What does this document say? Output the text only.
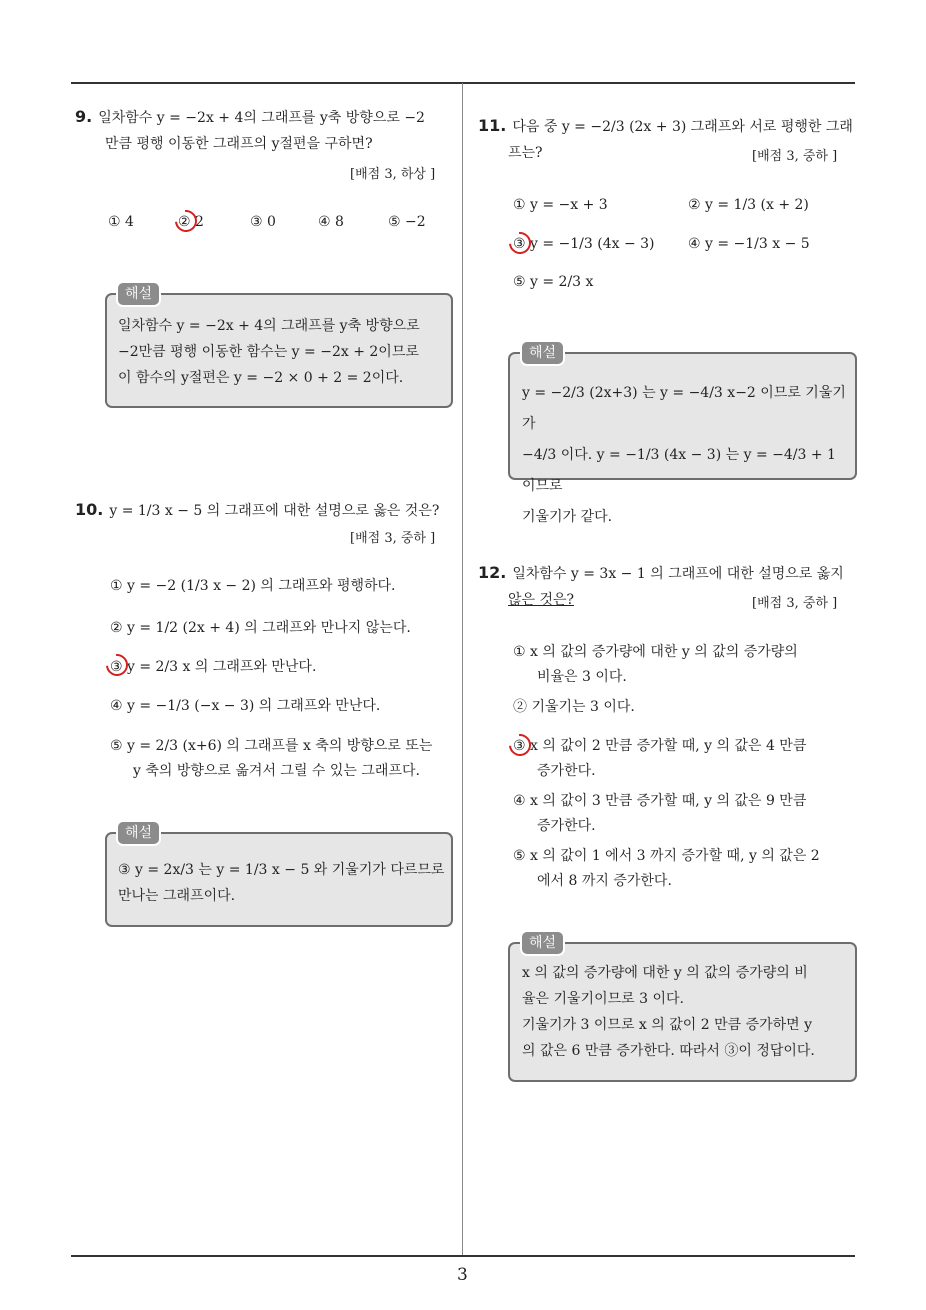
3
9. 일차함수 y = −2x + 4의 그래프를 y축 방향으로 −2
만큼 평행 이동한 그래프의 y절편을 구하면?
[배점 3, 하상 ]
① 4	② 2	③ 0	④ 8	⑤ −2
해설
일차함수 y = −2x + 4의 그래프를 y축 방향으로
−2만큼 평행 이동한 함수는 y = −2x + 2이므로
이 함수의 y절편은 y = −2 × 0 + 2 = 2이다.
10. y = 1/3 x − 5 의 그래프에 대한 설명으로 옳은 것은?
[배점 3, 중하 ]
① y = −2 (1/3 x − 2) 의 그래프와 평행하다.
② y = 1/2 (2x + 4) 의 그래프와 만나지 않는다.
③ y = 2/3 x 의 그래프와 만난다.
④ y = −1/3 (−x − 3) 의 그래프와 만난다.
⑤ y = 2/3 (x+6) 의 그래프를 x 축의 방향으로 또는
y 축의 방향으로 옮겨서 그릴 수 있는 그래프다.
해설
③ y = 2x/3 는 y = 1/3 x − 5 와 기울기가 다르므로
만나는 그래프이다.
11. 다음 중 y = −2/3 (2x + 3) 그래프와 서로 평행한 그래
프는?	[배점 3, 중하 ]
① y = −x + 3	② y = 1/3 (x + 2)
③ y = −1/3 (4x − 3) ④ y = −1/3 x − 5
⑤ y = 2/3 x
해설
y = −2/3 (2x+3) 는 y = −4/3 x−2 이므로 기울기가
−4/3 이다. y = −1/3 (4x − 3) 는 y = −4/3 + 1 이므로
기울기가 같다.
12. 일차함수 y = 3x − 1 의 그래프에 대한 설명으로 옳지
않은 것은?	[배점 3, 중하 ]
① x 의 값의 증가량에 대한 y 의 값의 증가량의
비율은 3 이다.
② 기울기는 3 이다.
③ x 의 값이 2 만큼 증가할 때, y 의 값은 4 만큼
증가한다.
④ x 의 값이 3 만큼 증가할 때, y 의 값은 9 만큼
증가한다.
⑤ x 의 값이 1 에서 3 까지 증가할 때, y 의 값은 2
에서 8 까지 증가한다.
해설
x 의 값의 증가량에 대한 y 의 값의 증가량의 비
율은 기울기이므로 3 이다.
기울기가 3 이므로 x 의 값이 2 만큼 증가하면 y
의 값은 6 만큼 증가한다. 따라서 ③이 정답이다.
